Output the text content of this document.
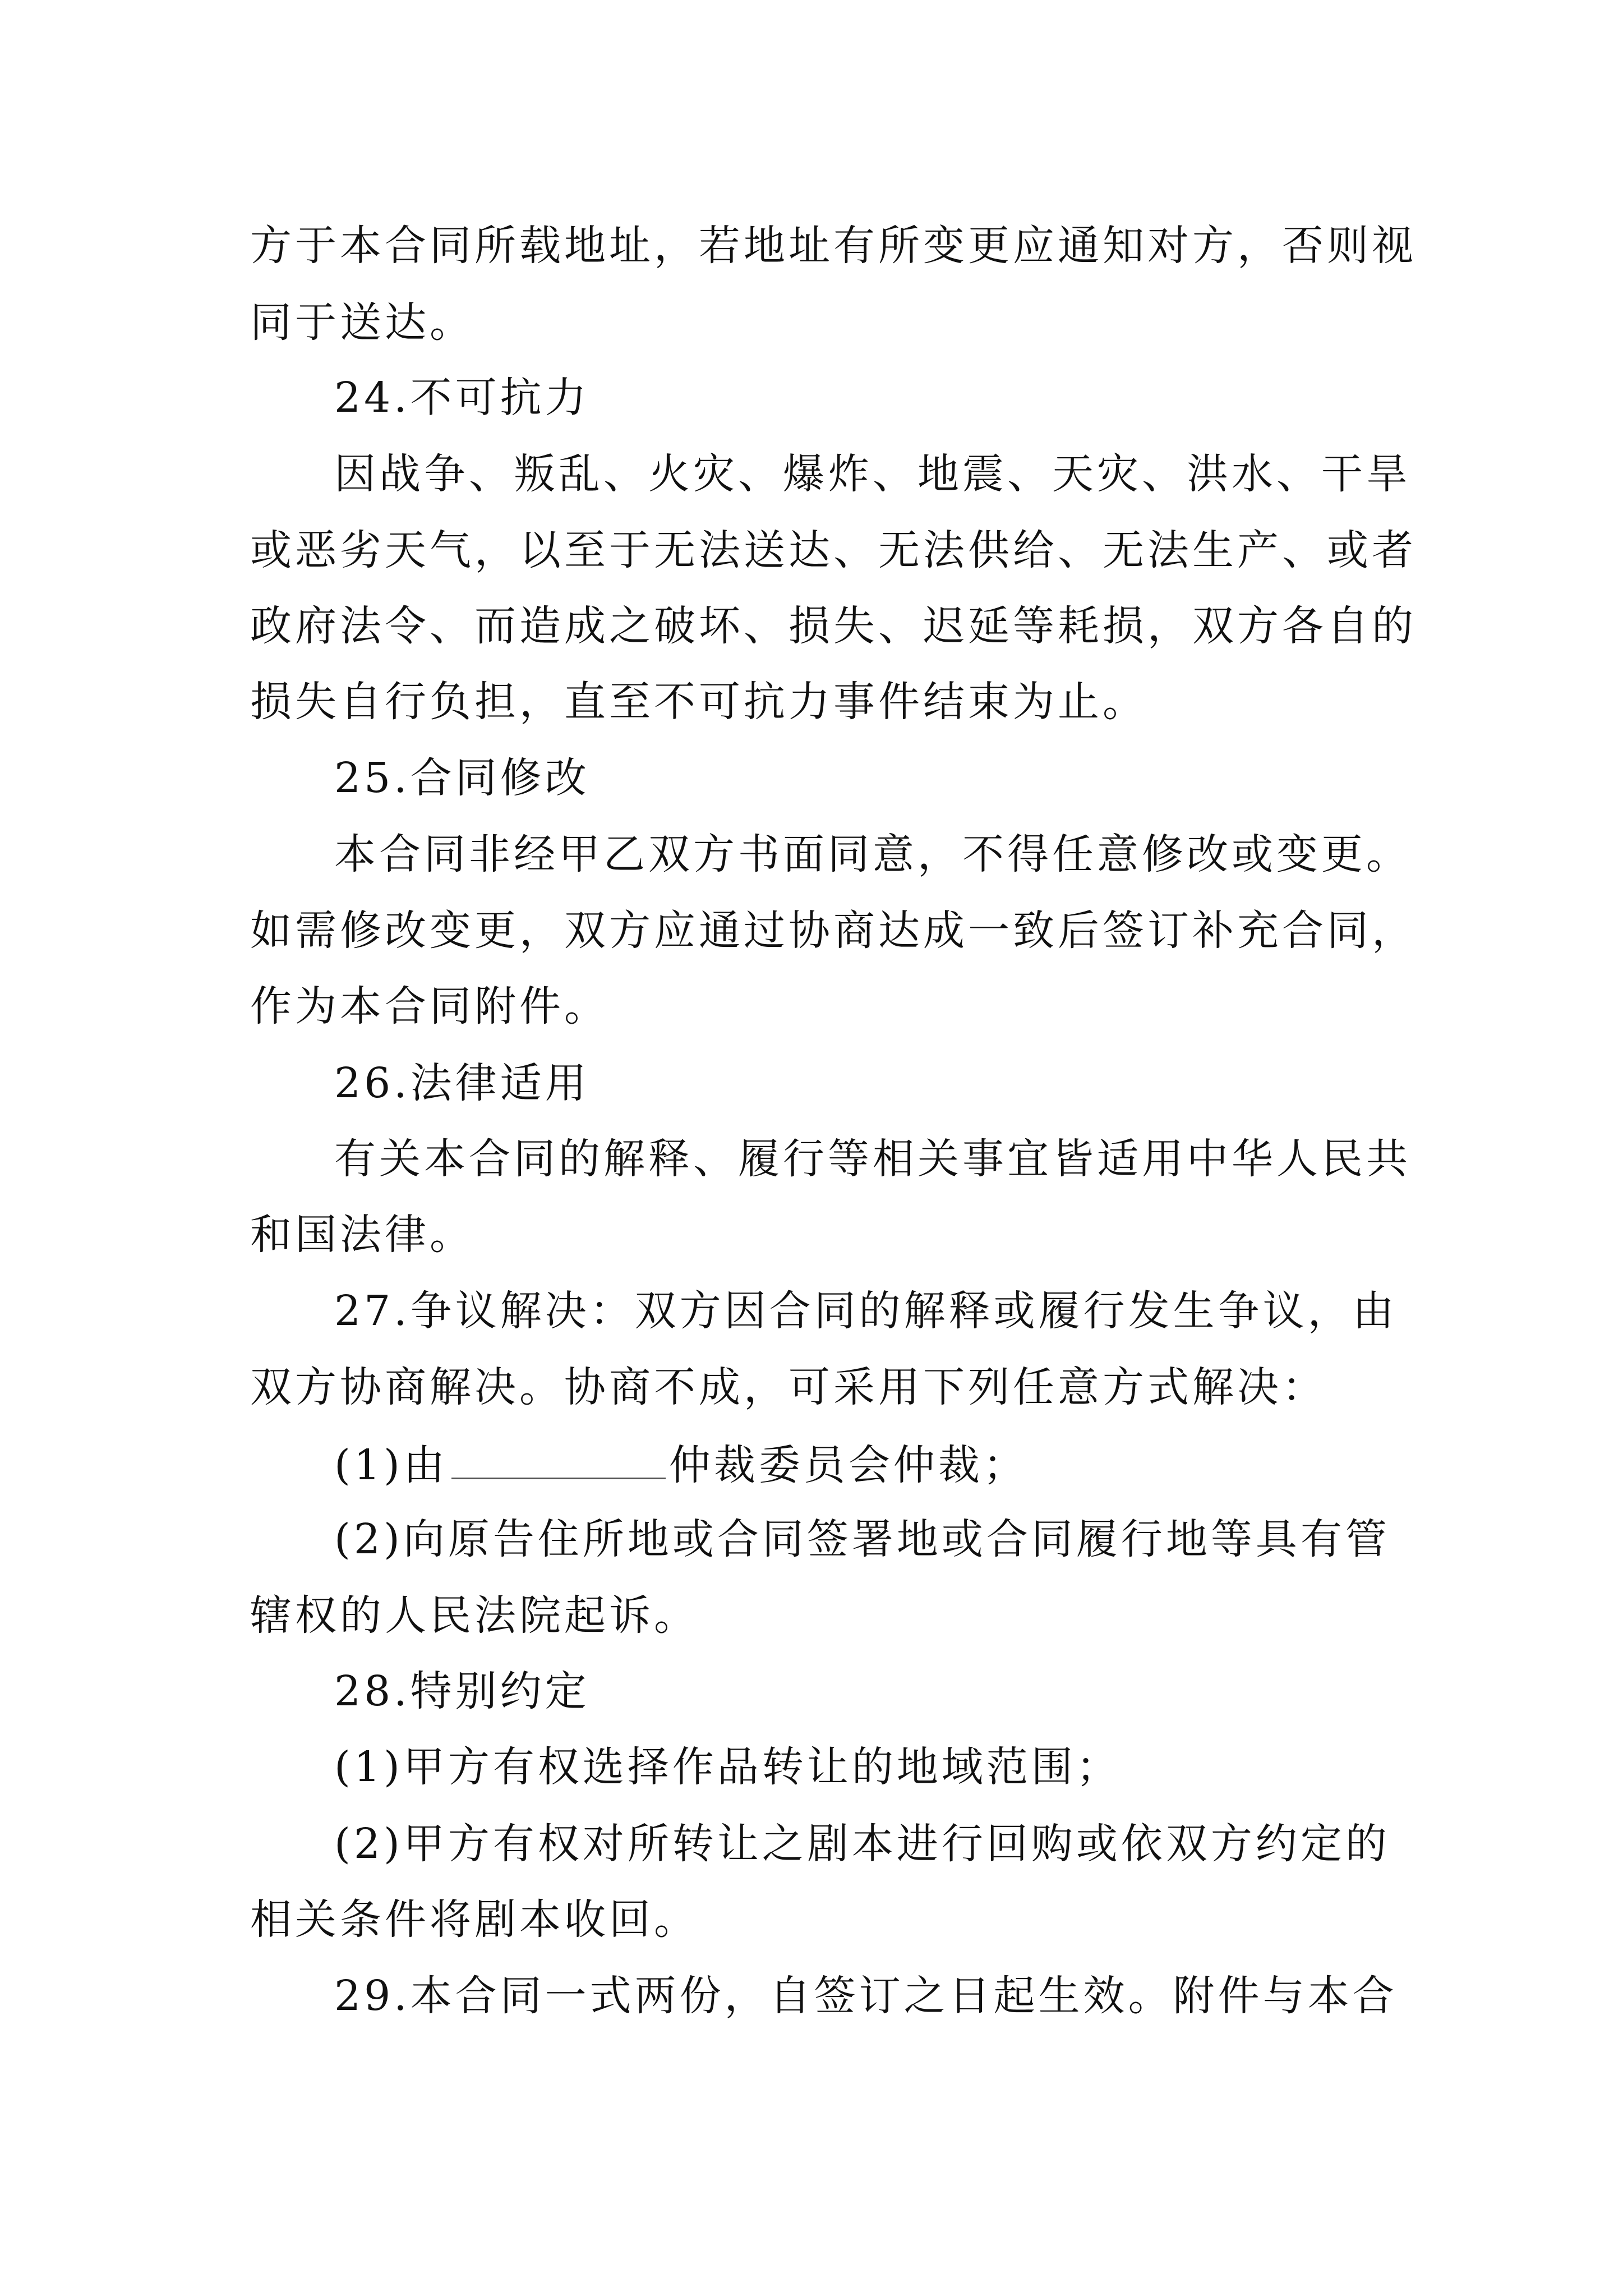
方于本合同所载地址，若地址有所变更应通知对方，否则视
同于送达。
24.不可抗力
因战争、叛乱、火灾、爆炸、地震、天灾、洪水、干旱
或恶劣天气，以至于无法送达、无法供给、无法生产、或者
政府法令、而造成之破坏、损失、迟延等耗损，双方各自的
损失自行负担，直至不可抗力事件结束为止。
25.合同修改
本合同非经甲乙双方书面同意，不得任意修改或变更。
如需修改变更，双方应通过协商达成一致后签订补充合同，
作为本合同附件。
26.法律适用
有关本合同的解释、履行等相关事宜皆适用中华人民共
和国法律。
27.争议解决：双方因合同的解释或履行发生争议，由
双方协商解决。协商不成，可采用下列任意方式解决：
(1)由	仲裁委员会仲裁；
(2)向原告住所地或合同签署地或合同履行地等具有管
辖权的人民法院起诉。
28.特别约定
(1)甲方有权选择作品转让的地域范围；
(2)甲方有权对所转让之剧本进行回购或依双方约定的
相关条件将剧本收回。
29.本合同一式两份，自签订之日起生效。附件与本合
